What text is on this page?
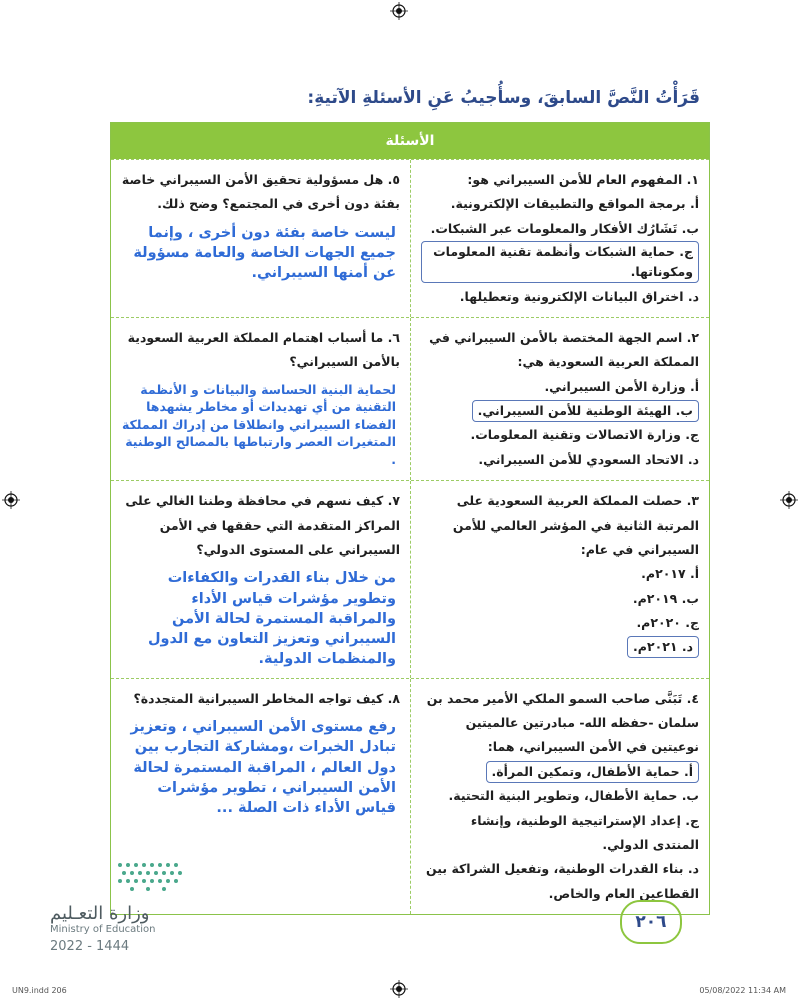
قَرَأْتُ النَّصَّ السابقَ، وسأُجيبُ عَنِ الأسئلةِ الآتيةِ:
الأسئلة
١. المفهوم العام للأمن السيبراني هو:
أ. برمجة المواقع والتطبيقات الإلكترونية.
ب. تَشَارُك الأفكار والمعلومات عبر الشبكات.
ج. حماية الشبكات وأنظمة تقنية المعلومات ومكوناتها.
د. اختراق البيانات الإلكترونية وتعطيلها.
٥. هل مسؤولية تحقيق الأمن السيبراني خاصة بفئة دون أخرى في المجتمع؟ وضح ذلك.
ليست خاصة بفئة دون أخرى ، وإنما جميع الجهات الخاصة والعامة مسؤولة عن أمنها السيبراني.
٢. اسم الجهة المختصة بالأمن السيبراني في المملكة العربية السعودية هي:
أ. وزارة الأمن السيبراني.
ب. الهيئة الوطنية للأمن السيبراني.
ج. وزارة الاتصالات وتقنية المعلومات.
د. الاتحاد السعودي للأمن السيبراني.
٦. ما أسباب اهتمام المملكة العربية السعودية بالأمن السيبراني؟
لحماية البنية الحساسة والبيانات و الأنظمة التقنية من أي تهديدات أو مخاطر يشهدها الفضاء السيبراني وانطلاقا من إدراك المملكة المتغيرات العصر وارتباطها بالمصالح الوطنية .
٣. حصلت المملكة العربية السعودية على المرتبة الثانية في المؤشر العالمي للأمن السيبراني في عام:
أ. ٢٠١٧م.
ب. ٢٠١٩م.
ج. ٢٠٢٠م.
د. ٢٠٢١م.
٧. كيف نسهم في محافظة وطننا الغالي على المراكز المتقدمة التي حققها في الأمن السيبراني على المستوى الدولي؟
من خلال بناء القدرات والكفاءات وتطوير مؤشرات قياس الأداء والمراقبة المستمرة لحالة الأمن السيبراني وتعزيز التعاون مع الدول والمنظمات الدولية.
٤. تَبَنَّى صاحب السمو الملكي الأمير محمد بن سلمان -حفظه الله- مبادرتين عالميتين نوعيتين في الأمن السيبراني، هما:
أ. حماية الأطفال، وتمكين المرأة.
ب. حماية الأطفال، وتطوير البنية التحتية.
ج. إعداد الإستراتيجية الوطنية، وإنشاء المنتدى الدولي.
د. بناء القدرات الوطنية، وتفعيل الشراكة بين القطاعين العام والخاص.
٨. كيف تواجه المخاطر السيبرانية المتجددة؟
رفع مستوى الأمن السيبراني ، وتعزيز تبادل الخبرات ،ومشاركة التجارب بين دول العالم ، المراقبة المستمرة لحالة الأمن السيبراني ، تطوير مؤشرات قياس الأداء ذات الصلة ...
وزارة التعـليم
Ministry of Education
2022 - 1444
٢٠٦
UN9.indd 206	05/08/2022 11:34 AM
